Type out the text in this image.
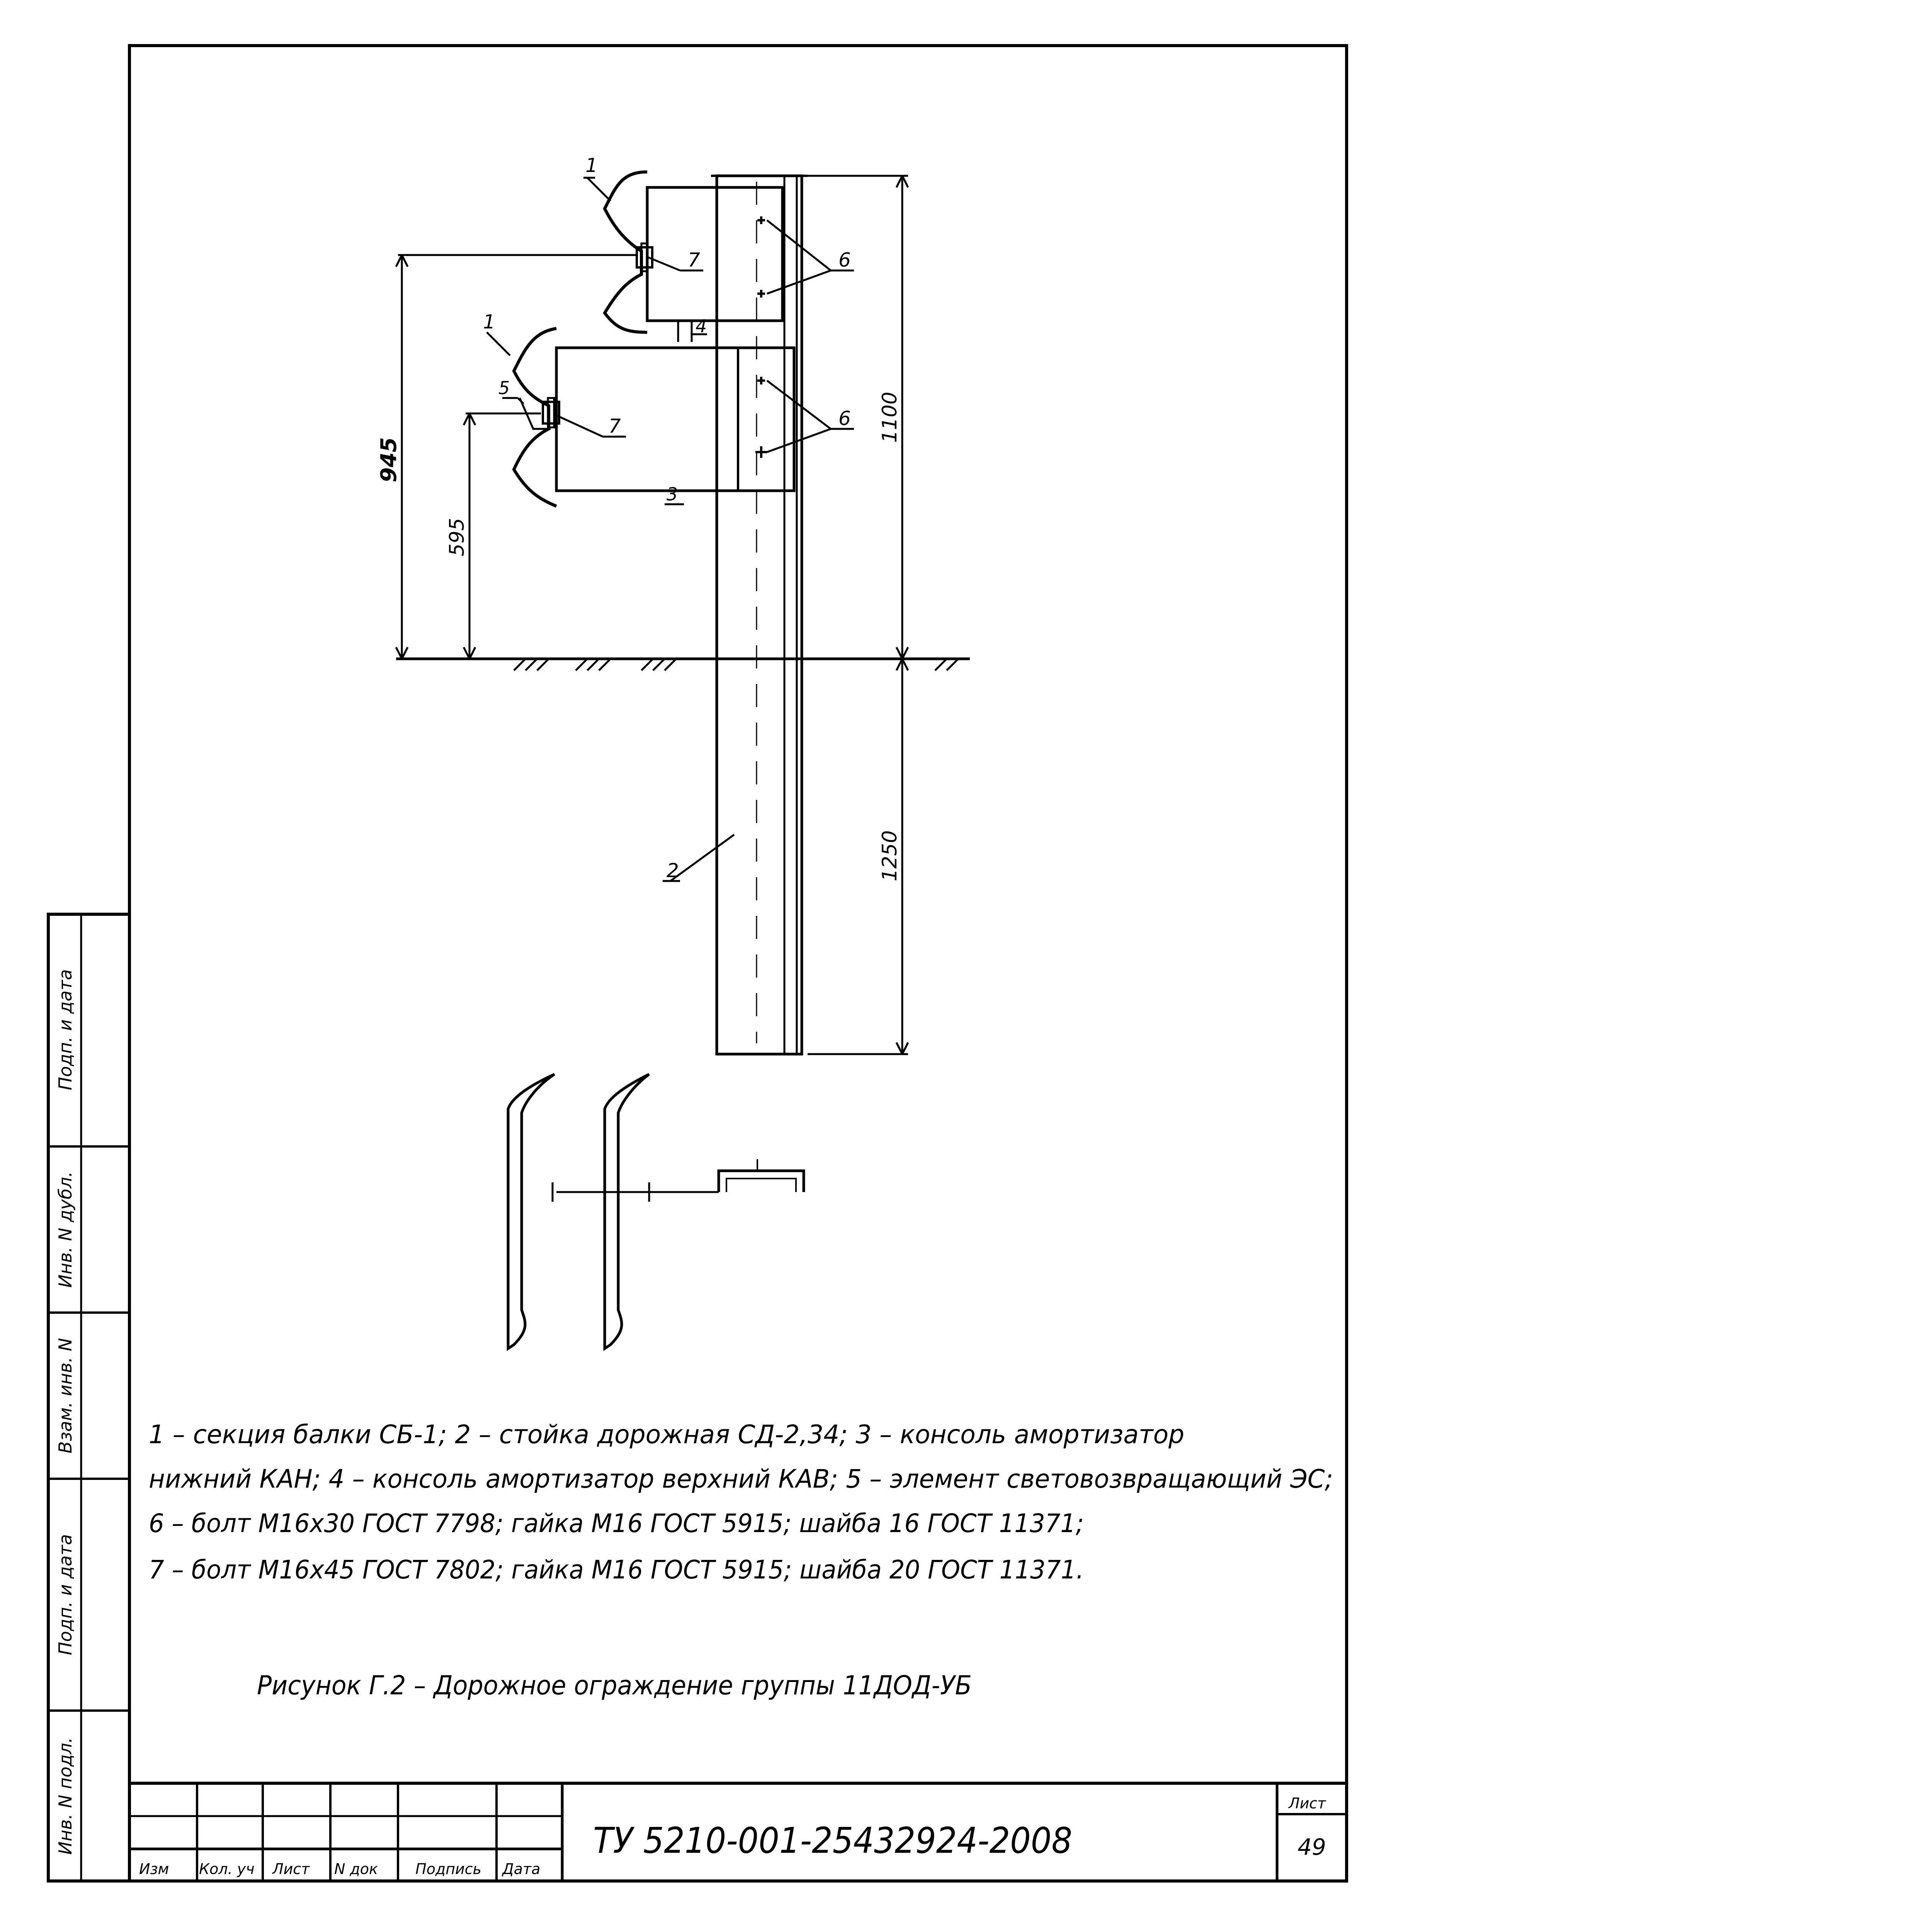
Подп. и дата
Инв. N дубл.
Взам. инв. N
Подп. и дата
Инв. N подл.
1
7	6
4
1
5
7	6
3
2
945
595
1100
1250
1 – секция балки СБ-1; 2 – стойка дорожная СД-2,34; 3 – консоль амортизатор
нижний КАН; 4 – консоль амортизатор верхний КАВ; 5 – элемент световозвращающий ЭС;
6 – болт М16х30 ГОСТ 7798; гайка М16 ГОСТ 5915; шайба 16 ГОСТ 11371;
7 – болт М16х45 ГОСТ 7802; гайка М16 ГОСТ 5915; шайба 20 ГОСТ 11371.
Рисунок Г.2 – Дорожное ограждение группы 11ДОД-УБ
Изм Кол. уч Лист N док	Подпись Дата
ТУ 5210-001-25432924-2008
Лист
49
